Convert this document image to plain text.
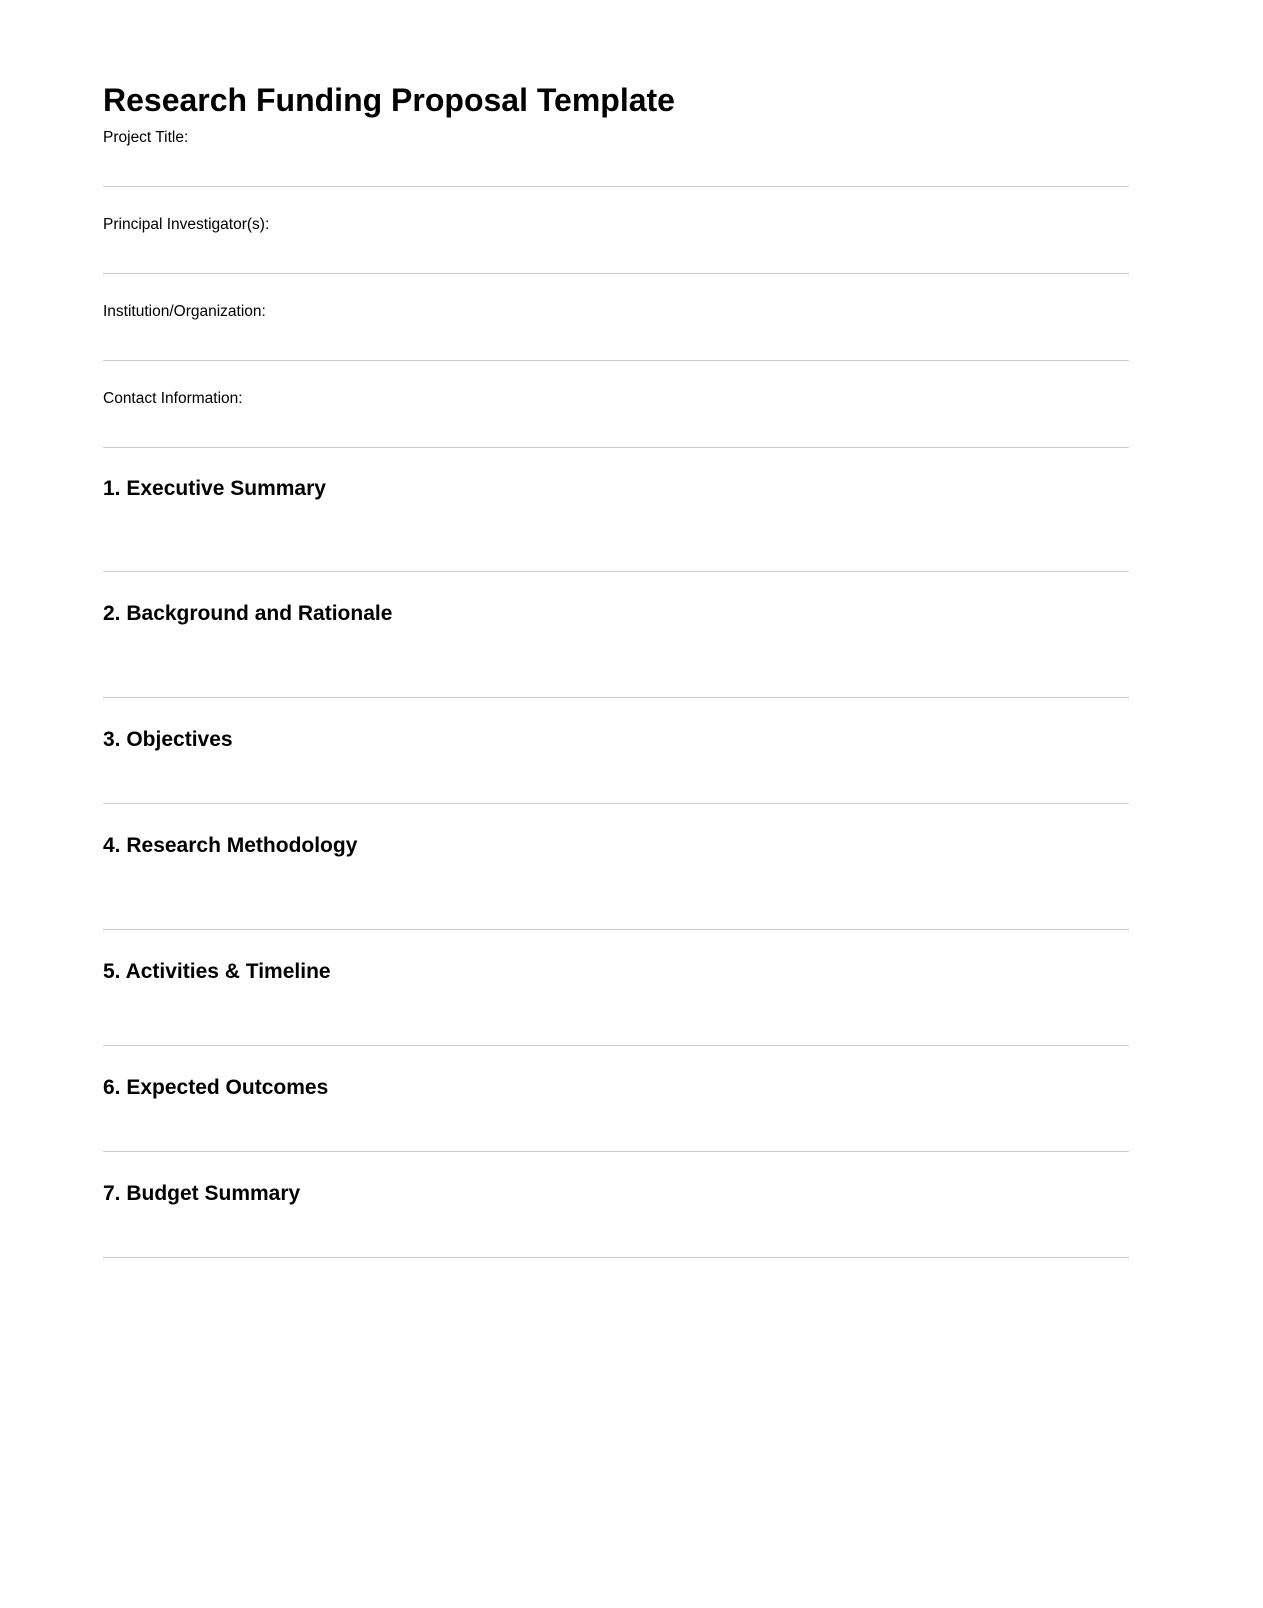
Research Funding Proposal Template
Project Title:
Principal Investigator(s):
Institution/Organization:
Contact Information:
1. Executive Summary
2. Background and Rationale
3. Objectives
4. Research Methodology
5. Activities & Timeline
6. Expected Outcomes
7. Budget Summary
